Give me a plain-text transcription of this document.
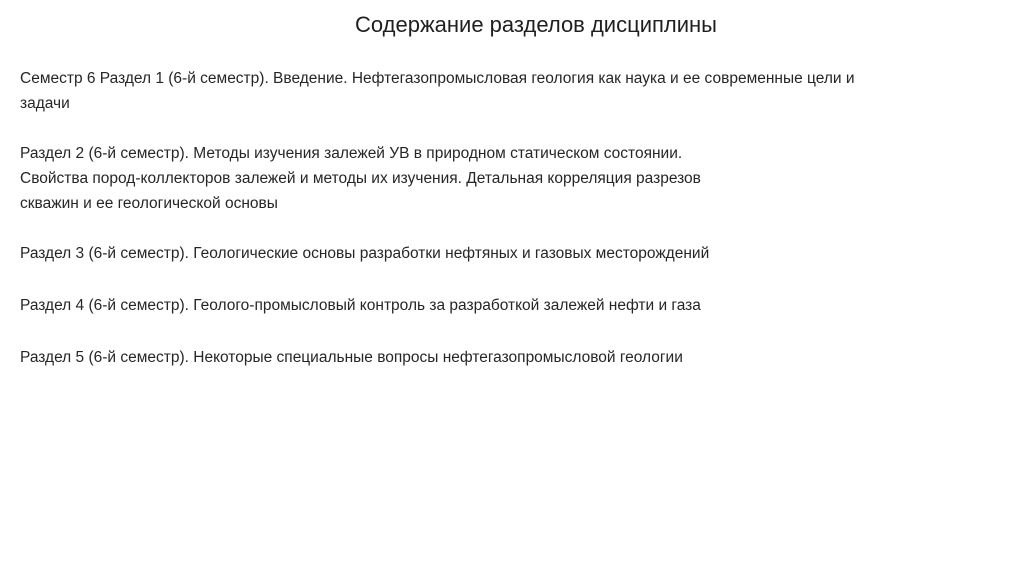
Содержание разделов дисциплины
Семестр 6 Раздел 1 (6-й семестр). Введение. Нефтегазопромысловая геология как наука и ее современные цели и
задачи
Раздел 2 (6-й семестр). Методы изучения залежей УВ в природном статическом состоянии.
Свойства пород-коллекторов залежей и методы их изучения. Детальная корреляция разрезов
скважин и ее геологической основы
Раздел 3 (6-й семестр). Геологические основы разработки нефтяных и газовых месторождений
Раздел 4 (6-й семестр). Геолого-промысловый контроль за разработкой залежей нефти и газа
Раздел 5 (6-й семестр). Некоторые специальные вопросы нефтегазопромысловой геологии
